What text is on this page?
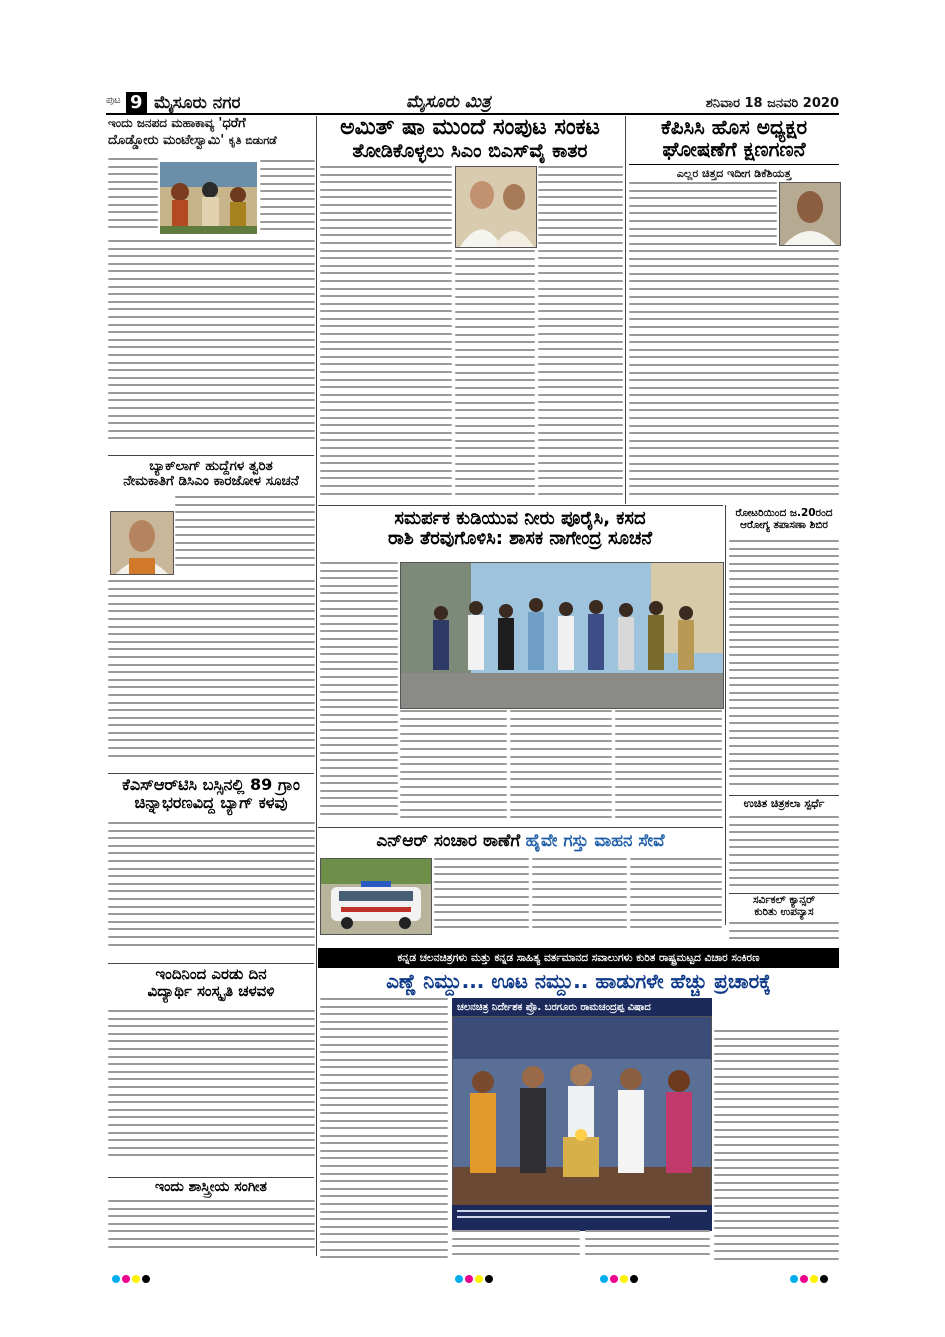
ಪುಟ 9 ಮೈಸೂರು ನಗರ	ಮೈಸೂರು ಮಿತ್ರ	ಶನಿವಾರ 18 ಜನವರಿ 2020
ಇಂದು ಜನಪದ ಮಹಾಕಾವ್ಯ 'ಧರೆಗೆ
ದೊಡ್ಡೋರು ಮಂಟೇಸ್ವಾಮಿ' ಕೃತಿ ಬಿಡುಗಡೆ
ಬ್ಯಾಕ್‌ಲಾಗ್ ಹುದ್ದೆಗಳ ತ್ವರಿತ
ನೇಮಕಾತಿಗೆ ಡಿಸಿಎಂ ಕಾರಜೋಳ ಸೂಚನೆ
ಕೆಎಸ್‌ಆರ್‌ಟಿಸಿ ಬಸ್ಸಿನಲ್ಲಿ 89 ಗ್ರಾಂ
ಚಿನ್ನಾಭರಣವಿದ್ದ ಬ್ಯಾಗ್ ಕಳವು
ಇಂದಿನಿಂದ ಎರಡು ದಿನ
ವಿದ್ಯಾರ್ಥಿ ಸಂಸ್ಕೃತಿ ಚಳವಳಿ
ಇಂದು ಶಾಸ್ತ್ರೀಯ ಸಂಗೀತ
ಅಮಿತ್ ಷಾ ಮುಂದೆ ಸಂಪುಟ ಸಂಕಟ
ತೋಡಿಕೊಳ್ಳಲು ಸಿಎಂ ಬಿಎಸ್‌ವೈ ಕಾತರ
ಕೆಪಿಸಿಸಿ ಹೊಸ ಅಧ್ಯಕ್ಷರ
ಘೋಷಣೆಗೆ ಕ್ಷಣಗಣನೆ
ಎಲ್ಲರ ಚಿತ್ತದ ಇದೀಗ ಡಿಕೆಶಿಯತ್ತ
ಸಮರ್ಪಕ ಕುಡಿಯುವ ನೀರು ಪೂರೈಸಿ, ಕಸದ
ರಾಶಿ ತೆರವುಗೊಳಿಸಿ: ಶಾಸಕ ನಾಗೇಂದ್ರ ಸೂಚನೆ
ರೋಟರಿಯಿಂದ ಜ.20ರಂದ
ಆರೋಗ್ಯ ತಪಾಸಣಾ ಶಿಬಿರ
ಉಚಿತ ಚಿತ್ರಕಲಾ ಸ್ಪರ್ಧೆ
ಸರ್ವಿಕಲ್ ಕ್ಯಾನ್ಸರ್
ಕುರಿತು ಉಪನ್ಯಾಸ
ಎನ್‌ಆರ್ ಸಂಚಾರ ಠಾಣೆಗೆ ಹೈವೇ ಗಸ್ತು ವಾಹನ ಸೇವೆ
ಕನ್ನಡ ಚಲನಚಿತ್ರಗಳು ಮತ್ತು ಕನ್ನಡ ಸಾಹಿತ್ಯ ವರ್ತಮಾನದ ಸವಾಲುಗಳು ಕುರಿತ ರಾಷ್ಟ್ರಮಟ್ಟದ ವಿಚಾರ ಸಂಕಿರಣ
ಎಣ್ಣೆ ನಿಮ್ದು... ಊಟ ನಮ್ದು.. ಹಾಡುಗಳೇ ಹೆಚ್ಚು ಪ್ರಚಾರಕ್ಕೆ
ಚಲನಚಿತ್ರ ನಿರ್ದೇಶಕ ಪ್ರೊ. ಬರಗೂರು ರಾಮಚಂದ್ರಪ್ಪ ವಿಷಾದ
